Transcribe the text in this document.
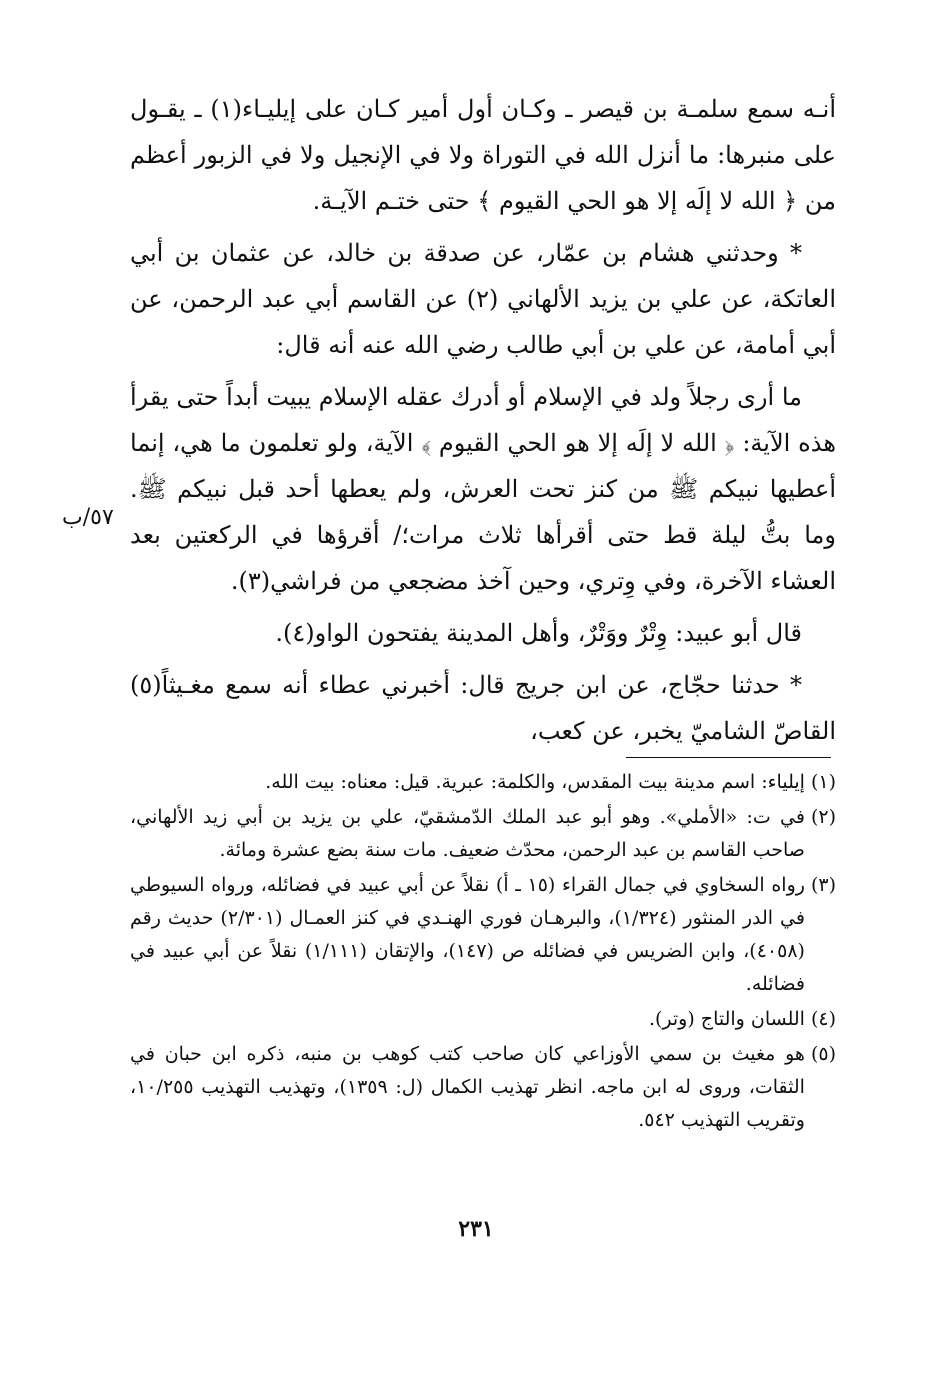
أنـه سمع سلمـة بن قيصر ـ وكـان أول أمير كـان على إيليـاء(١) ـ يقـول على منبرها: ما أنزل الله في التوراة ولا في الإنجيل ولا في الزبور أعظم من ﴿ الله لا إلَه إلا هو الحي القيوم ﴾ حتى ختـم الآيـة.

* وحدثني هشام بن عمّار، عن صدقة بن خالد، عن عثمان بن أبي العاتكة، عن علي بن يزيد الألهاني (٢) عن القاسم أبي عبد الرحمن، عن أبي أمامة، عن علي بن أبي طالب رضي الله عنه أنه قال:

ما أرى رجلاً ولد في الإسلام أو أدرك عقله الإسلام يبيت أبداً حتى يقرأ هذه الآية: ﴿ الله لا إلَه إلا هو الحي القيوم ﴾ الآية، ولو تعلمون ما هي، إنما أعطيها نبيكم ﷺ من كنز تحت العرش، ولم يعطها أحد قبل نبيكم ﷺ. وما بتُّ ليلة قط حتى أقرأها ثلاث مرات؛/ أقرؤها في الركعتين بعد العشاء الآخرة، وفي وِتري، وحين آخذ مضجعي من فراشي(٣).

قال أبو عبيد: وِتْرٌ ووَتْرٌ، وأهل المدينة يفتحون الواو(٤).

* حدثنا حجّاج، عن ابن جريج قال: أخبرني عطاء أنه سمع مغـيثاً(٥) القاصّ الشاميّ يخبر، عن كعب،

٥٧/ب
(١)
إيلياء: اسم مدينة بيت المقدس، والكلمة: عبرية. قيل: معناه: بيت الله.
(٢)
في ت: «الأملي». وهو أبو عبد الملك الدّمشقيّ، علي بن يزيد بن أبي زيد الألهاني، صاحب القاسم بن عبد الرحمن، محدّث ضعيف. مات سنة بضع عشرة ومائة.
(٣)
رواه السخاوي في جمال القراء (١٥ ـ أ) نقلاً عن أبي عبيد في فضائله، ورواه السيوطي في الدر المنثور (١/٣٢٤)، والبرهـان فوري الهنـدي في كنز العمـال (٢/٣٠١) حديث رقم (٤٠٥٨)، وابن الضريس في فضائله ص (١٤٧)، والإتقان (١/١١١) نقلاً عن أبي عبيد في فضائله.
(٤)
اللسان والتاج (وتر).
(٥)
هو مغيث بن سمي الأوزاعي كان صاحب كتب كوهب بن منبه، ذكره ابن حبان في الثقات، وروى له ابن ماجه. انظر تهذيب الكمال (ل: ١٣٥٩)، وتهذيب التهذيب ١٠/٢٥٥، وتقريب التهذيب ٥٤٢.
٢٣١
